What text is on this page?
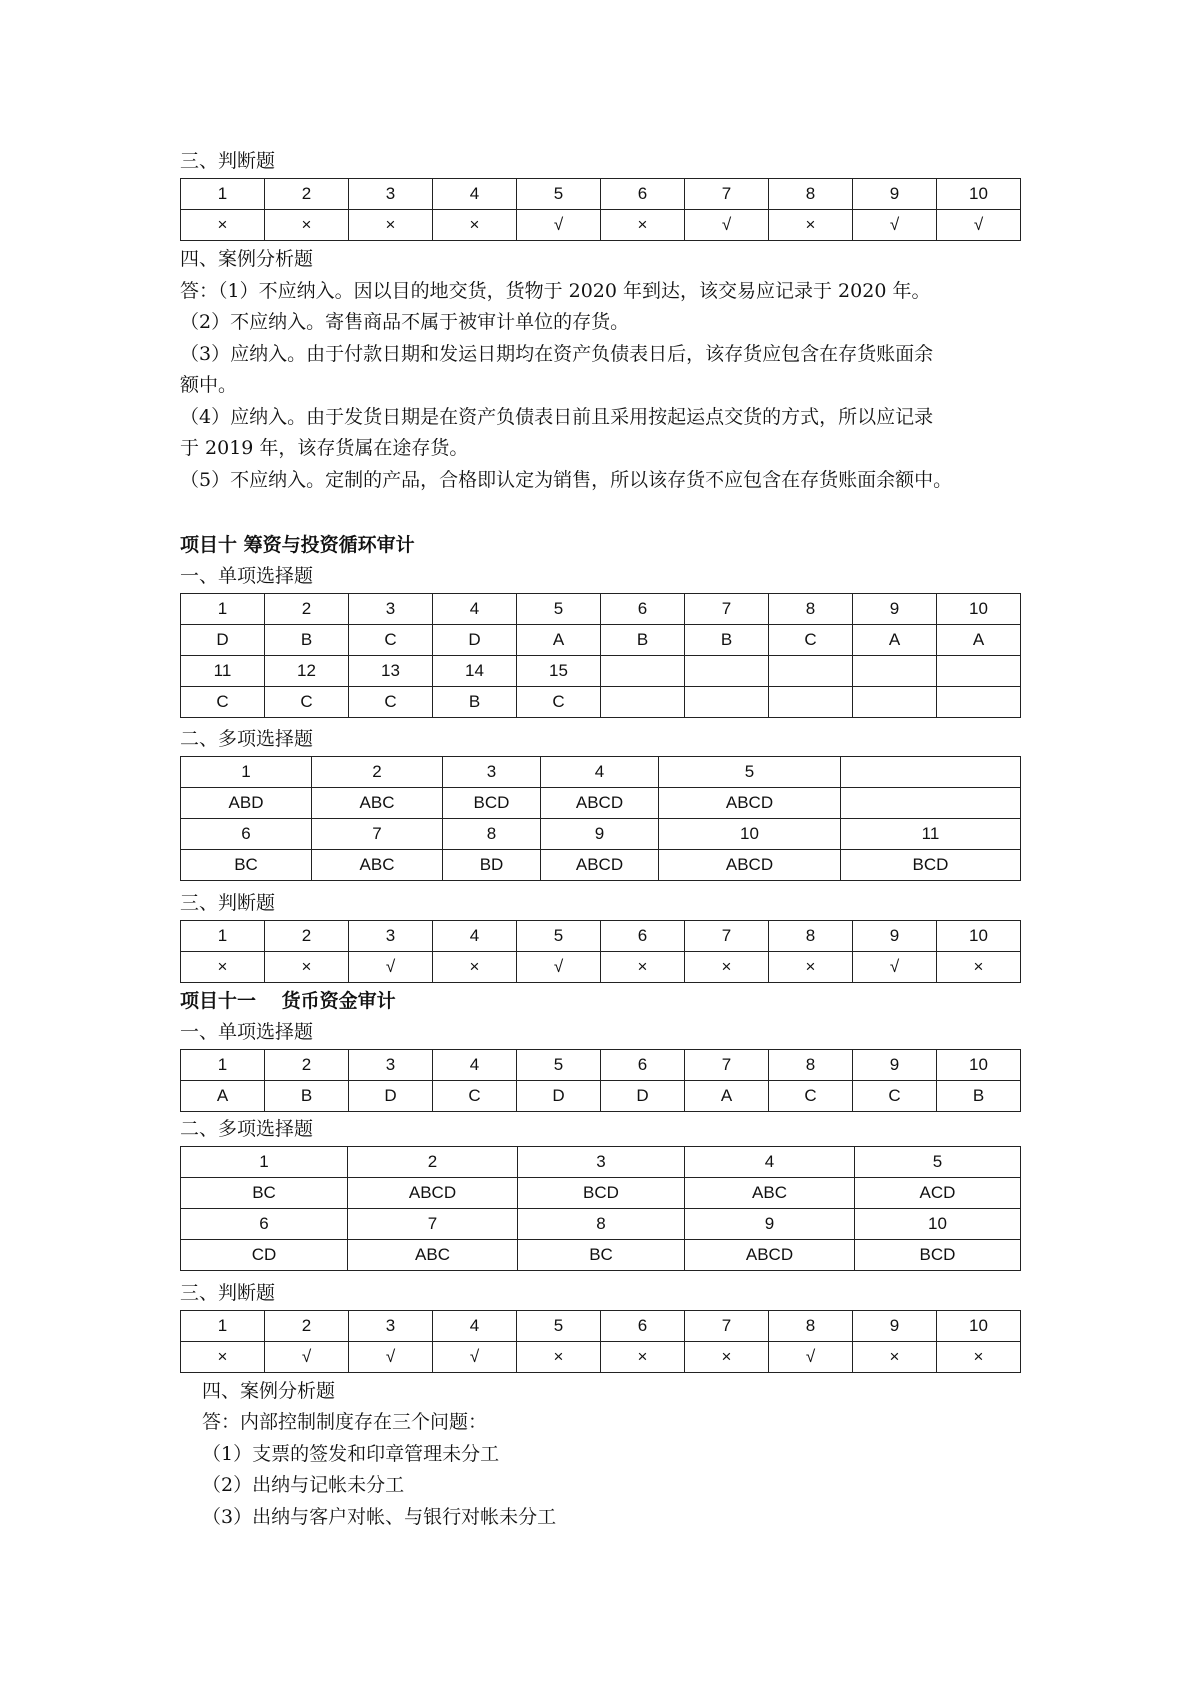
三、判断题
1	2	3	4	5	6	7	8	9	10
×	×	×	×	√	×	√	×	√	√
四、案例分析题
答：（1）不应纳入。因以目的地交货，货物于 2020 年到达，该交易应记录于 2020 年。
（2）不应纳入。寄售商品不属于被审计单位的存货。
（3）应纳入。由于付款日期和发运日期均在资产负债表日后，该存货应包含在存货账面余
额中。
（4）应纳入。由于发货日期是在资产负债表日前且采用按起运点交货的方式，所以应记录
于 2019 年，该存货属在途存货。
（5）不应纳入。定制的产品，合格即认定为销售，所以该存货不应包含在存货账面余额中。
项目十 筹资与投资循环审计
一、单项选择题
1	2	3	4	5	6	7	8	9	10
D	B	C	D	A	B	B	C	A	A
11	12	13	14	15					
C	C	C	B	C					
二、多项选择题
1	2	3	4	5	
ABD	ABC	BCD	ABCD	ABCD	
6	7	8	9	10	11
BC	ABC	BD	ABCD	ABCD	BCD
三、判断题
1	2	3	4	5	6	7	8	9	10
×	×	√	×	√	×	×	×	√	×
项目十一　 货币资金审计
一、单项选择题
1	2	3	4	5	6	7	8	9	10
A	B	D	C	D	D	A	C	C	B
二、多项选择题
1	2	3	4	5
BC	ABCD	BCD	ABC	ACD
6	7	8	9	10
CD	ABC	BC	ABCD	BCD
三、判断题
1	2	3	4	5	6	7	8	9	10
×	√	√	√	×	×	×	√	×	×
四、案例分析题
答：内部控制制度存在三个问题：
（1）支票的签发和印章管理未分工
（2）出纳与记帐未分工
（3）出纳与客户对帐、与银行对帐未分工
